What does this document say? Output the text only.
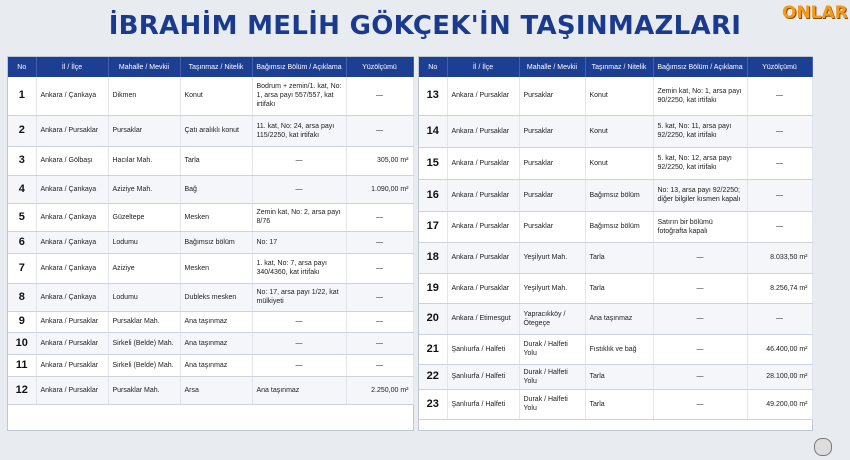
İBRAHİM MELİH GÖKÇEK'İN TAŞINMAZLARI	ONLAR
No	İl / İlçe	Mahalle / Mevkii	Taşınmaz / Nitelik	Bağımsız Bölüm / Açıklama	Yüzölçümü
1	Ankara / Çankaya	Dikmen	Konut	Bodrum + zemin/1. kat, No: 1, arsa payı 557/557, kat irtifakı	—
2	Ankara / Pursaklar	Pursaklar	Çatı aralıklı konut	11. kat, No: 24, arsa payı 115/2250, kat irtifakı	—
3	Ankara / Gölbaşı	Hacılar Mah.	Tarla	—	305,00 m²
4	Ankara / Çankaya	Aziziye Mah.	Bağ	—	1.090,00 m²
5	Ankara / Çankaya	Güzeltepe	Mesken	Zemin kat, No: 2, arsa payı 8/76	—
6	Ankara / Çankaya	Lodumu	Bağımsız bölüm	No: 17	—
7	Ankara / Çankaya	Aziziye	Mesken	1. kat, No: 7, arsa payı 340/4360, kat irtifakı	—
8	Ankara / Çankaya	Lodumu	Dubleks mesken	No: 17, arsa payı 1/22, kat mülkiyeti	—
9	Ankara / Pursaklar	Pursaklar Mah.	Ana taşınmaz	—	—
10	Ankara / Pursaklar	Sirkeli (Belde) Mah.	Ana taşınmaz	—	—
11	Ankara / Pursaklar	Sirkeli (Belde) Mah.	Ana taşınmaz	—	—
12	Ankara / Pursaklar	Pursaklar Mah.	Arsa	Ana taşınmaz	2.250,00 m²
No	İl / İlçe	Mahalle / Mevkii	Taşınmaz / Nitelik	Bağımsız Bölüm / Açıklama	Yüzölçümü
13	Ankara / Pursaklar	Pursaklar	Konut	Zemin kat, No: 1, arsa payı 90/2250, kat irtifakı	—
14	Ankara / Pursaklar	Pursaklar	Konut	5. kat, No: 11, arsa payı 92/2250, kat irtifakı	—
15	Ankara / Pursaklar	Pursaklar	Konut	5. kat, No: 12, arsa payı 92/2250, kat irtifakı	—
16	Ankara / Pursaklar	Pursaklar	Bağımsız bölüm	No: 13, arsa payı 92/2250; diğer bilgiler kısmen kapalı	—
17	Ankara / Pursaklar	Pursaklar	Bağımsız bölüm	Satırın bir bölümü fotoğrafta kapalı	—
18	Ankara / Pursaklar	Yeşilyurt Mah.	Tarla	—	8.033,50 m²
19	Ankara / Pursaklar	Yeşilyurt Mah.	Tarla	—	8.256,74 m²
20	Ankara / Etimesgut	Yapracıkköy / Ötegeçe	Ana taşınmaz	—	—
21	Şanlıurfa / Halfeti	Durak / Halfeti Yolu	Fıstıklık ve bağ	—	46.400,00 m²
22	Şanlıurfa / Halfeti	Durak / Halfeti Yolu	Tarla	—	28.100,00 m²
23	Şanlıurfa / Halfeti	Durak / Halfeti Yolu	Tarla	—	49.200,00 m²
